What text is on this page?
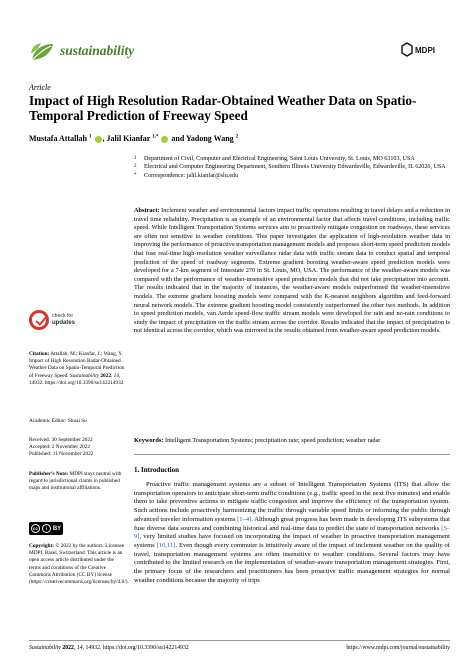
sustainability	MDPI
Article
Impact of High Resolution Radar-Obtained Weather Data on Spatio-Temporal Prediction of Freeway Speed
Mustafa Attallah $^1$ , Jalil Kianfar $^{1,*}$  and Yadong Wang $^2$
1	Department of Civil, Computer and Electrical Engineering, Saint Louis University, St. Louis, MO 63103, USA
2	Electrical and Computer Engineering Department, Southern Illinois University Edwardsville, Edwardsville, IL 62026, USA
*	Correspondence: jalil.kianfar@slu.edu
Abstract: Inclement weather and environmental factors impact traffic operations resulting in travel delays and a reduction in travel time reliability. Precipitation is an example of an environmental factor that affects travel conditions, including traffic speed. While Intelligent Transportation Systems services aim to proactively mitigate congestion on roadways, these services are often not sensitive to weather conditions. This paper investigates the application of high-resolution weather data in improving the performance of proactive transportation management models and proposes short-term speed prediction models that fuse real-time high-resolution weather surveillance radar data with traffic stream data to conduct spatial and temporal prediction of the speed of roadway segments. Extreme gradient boosting weather-aware speed prediction models were developed for a 7-km segment of Interstate 270 in St. Louis, MO, USA. The performance of the weather-aware models was compared with the performance of weather-insensitive speed prediction models that did not take precipitation into account. The results indicated that in the majority of instances, the weather-aware models outperformed the weather-insensitive models. The extreme gradient boosting models were compared with the K-nearest neighbors algorithm and feed-forward neural network models. The extreme gradient boosting model consistently outperformed the other two methods. In addition to speed prediction models, van Aerde speed-flow traffic stream models were developed for rain and no-rain conditions to study the impact of precipitation on the traffic stream across the corridor. Results indicated that the impact of precipitation is not identical across the corridor, which was mirrored in the results obtained from weather-aware speed prediction models.
Keywords: Intelligent Transportation Systems; precipitation rate; speed prediction; weather radar
1. Introduction

Proactive traffic management systems are a subset of Intelligent Transportation Systems (ITS) that allow the transportation operators to anticipate short-term traffic conditions (e.g., traffic speed in the next five minutes) and enable them to take preventive actions to mitigate traffic congestion and improve the efficiency of the transportation system. Such actions include proactively harmonizing the traffic through variable speed limits or informing the public through advanced traveler information systems [1–4]. Although great progress has been made in developing ITS subsystems that fuse diverse data sources and combining historical and real-time data to predict the state of transportation networks [5–9], very limited studies have focused on incorporating the impact of weather in proactive transportation management systems [10,11]. Even though every commuter is intuitively aware of the impact of inclement weather on the quality of travel, transportation management systems are often insensitive to weather conditions. Several factors may have contributed to the limited research on the implementation of weather-aware transportation management strategies. First, the primary focus of the researchers and practitioners has been proactive traffic management strategies for normal weather conditions because the majority of trips

check for
updates
Citation: Attallah, M.; Kianfar, J.; Wang, Y. Impact of High Resolution Radar-Obtained Weather Data on Spatio-Temporal Prediction of Freeway Speed. Sustainability 2022, 14, 14932. https://doi.org/10.3390/su142214932
Academic Editor: Shuai Su
Received: 30 September 2022
Accepted: 2 November 2022
Published: 11 November 2022
Publisher’s Note: MDPI stays neutral with regard to jurisdictional claims in published maps and institutional affiliations.
cc	i BY
Copyright: © 2022 by the authors. Licensee MDPI, Basel, Switzerland. This article is an open access article distributed under the terms and conditions of the Creative Commons Attribution (CC BY) license (https://creativecommons.org/licenses/by/4.0/).
Sustainability 2022, 14, 14932. https://doi.org/10.3390/su142214932	https://www.mdpi.com/journal/sustainability
